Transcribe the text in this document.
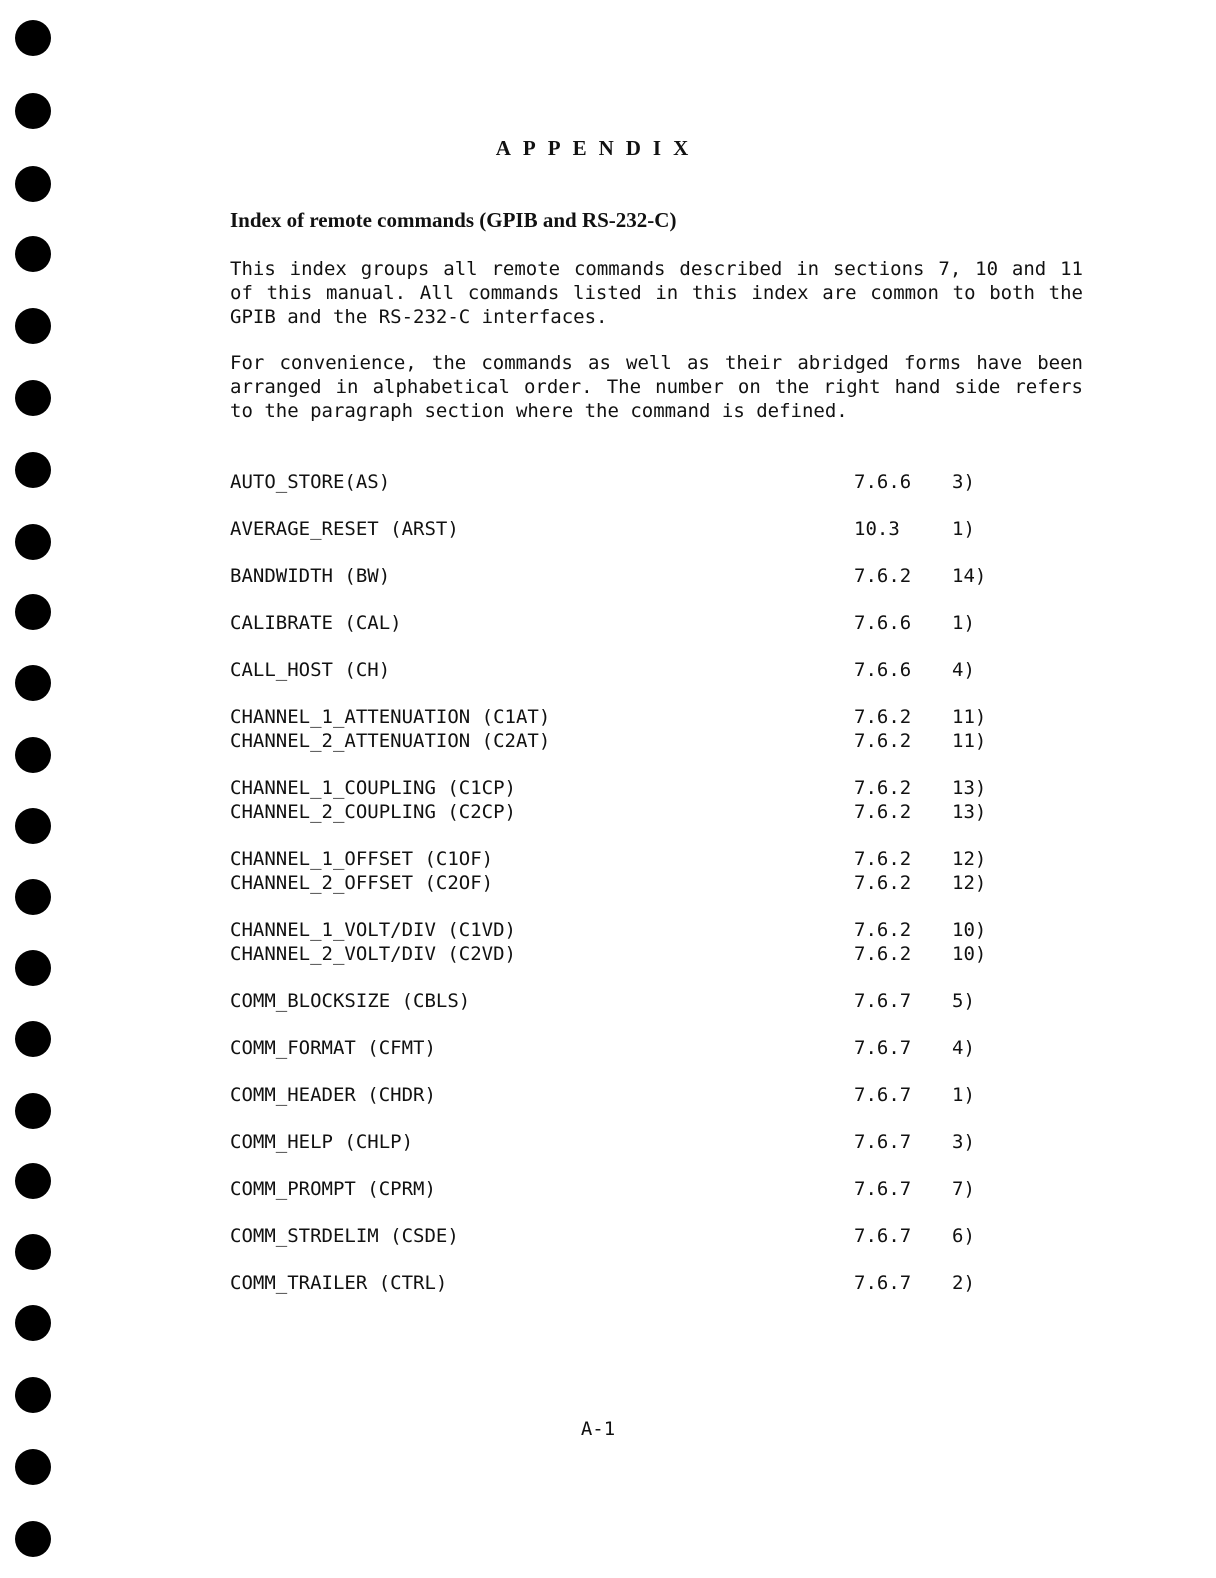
APPENDIX
Index of remote commands (GPIB and RS-232-C)
This index groups all remote commands described in sections 7, 10 and 11 of this manual. All commands listed in this index are common to both the GPIB and the RS-232-C interfaces.
For convenience, the commands as well as their abridged forms have been arranged in alphabetical order. The number on the right hand side refers to the paragraph section where the command is defined.
AUTO_STORE(AS)	7.6.6 3)
AVERAGE_RESET (ARST)	10.3	1)
BANDWIDTH (BW)	7.6.2 14)
CALIBRATE (CAL)	7.6.6 1)
CALL_HOST (CH)	7.6.6 4)
CHANNEL_1_ATTENUATION (C1AT)	7.6.2 11)
CHANNEL_2_ATTENUATION (C2AT)	7.6.2 11)
CHANNEL_1_COUPLING (C1CP)	7.6.2 13)
CHANNEL_2_COUPLING (C2CP)	7.6.2 13)
CHANNEL_1_OFFSET (C1OF)	7.6.2 12)
CHANNEL_2_OFFSET (C2OF)	7.6.2 12)
CHANNEL_1_VOLT/DIV (C1VD)	7.6.2 10)
CHANNEL_2_VOLT/DIV (C2VD)	7.6.2 10)
COMM_BLOCKSIZE (CBLS)	7.6.7 5)
COMM_FORMAT (CFMT)	7.6.7 4)
COMM_HEADER (CHDR)	7.6.7 1)
COMM_HELP (CHLP)	7.6.7 3)
COMM_PROMPT (CPRM)	7.6.7 7)
COMM_STRDELIM (CSDE)	7.6.7 6)
COMM_TRAILER (CTRL)	7.6.7 2)
A-1
